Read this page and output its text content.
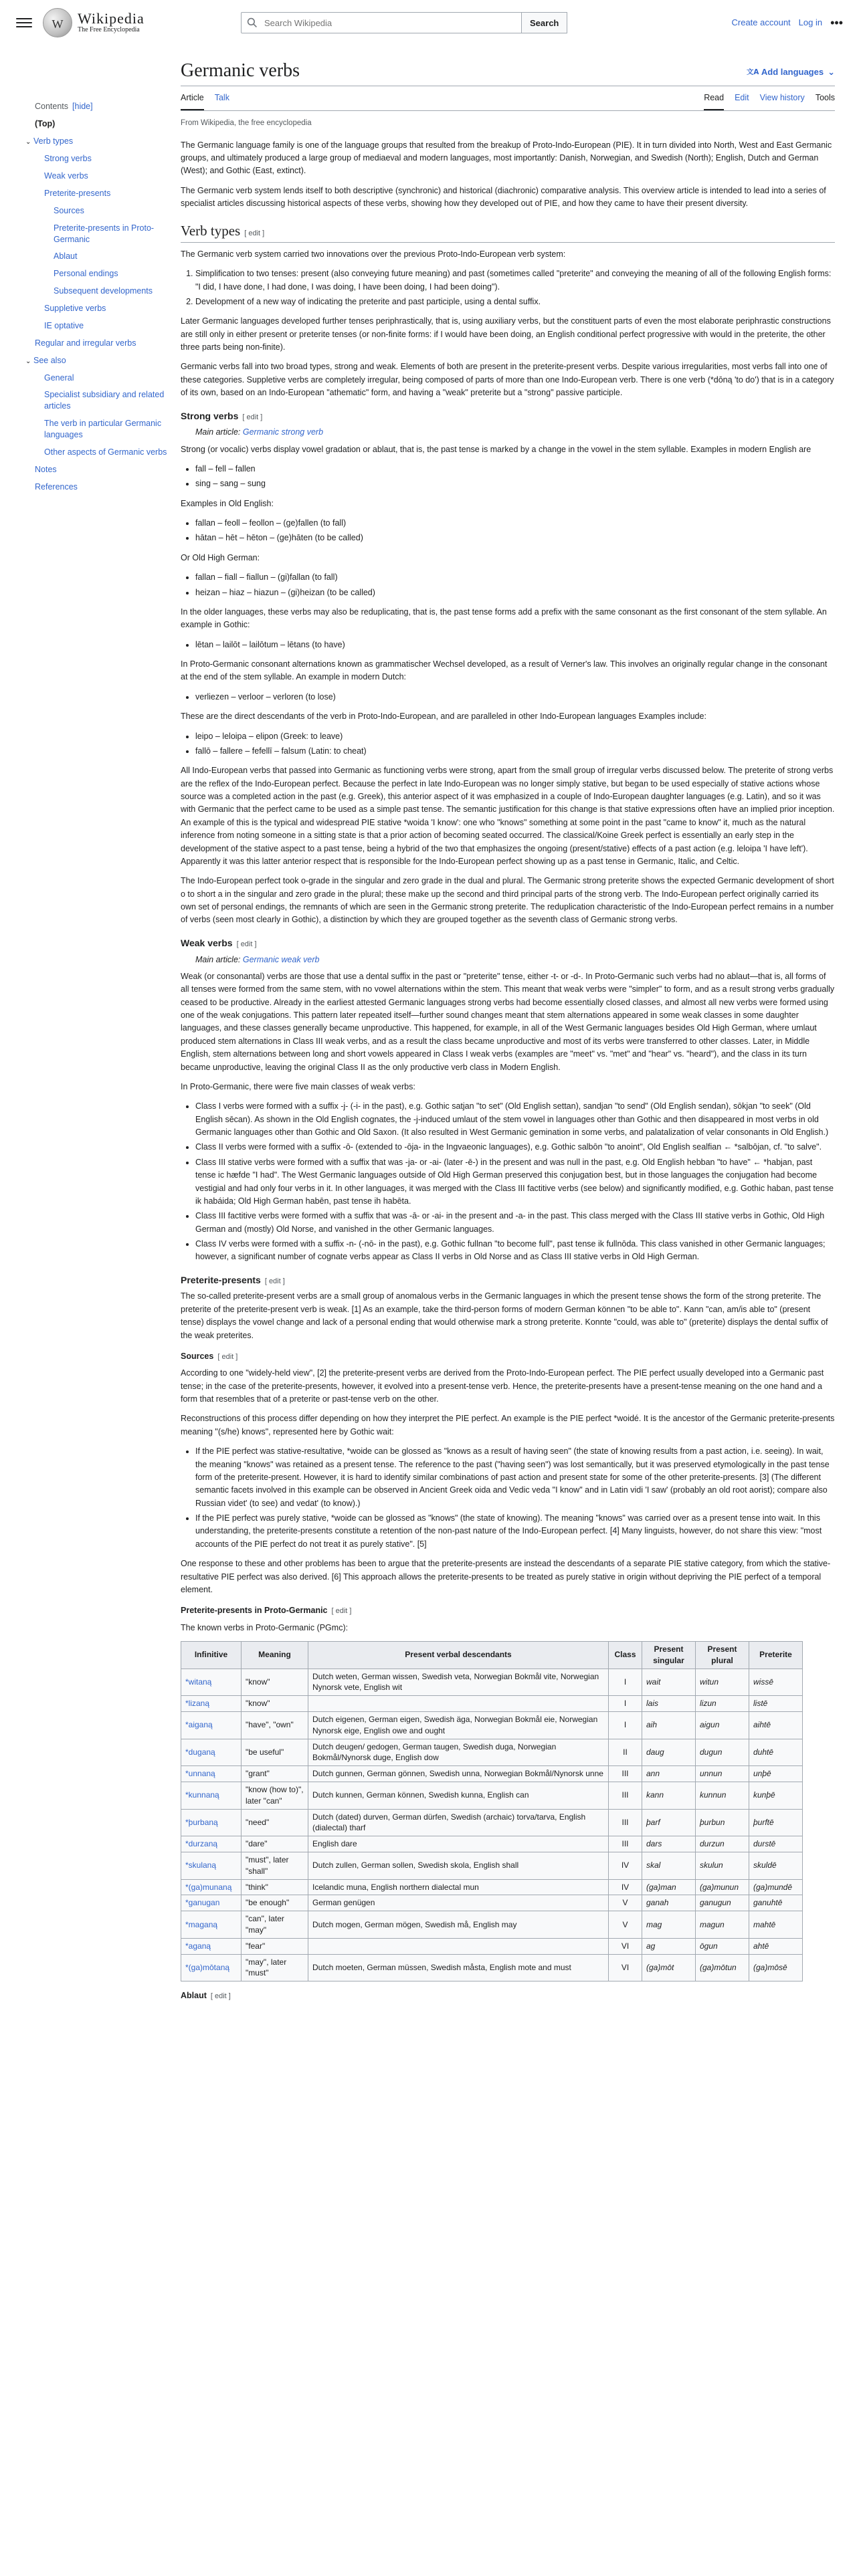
W
Wikipedia
The Free Encyclopedia
Search Wikipedia
Search	Create account Log in •••
Contents [hide]
(Top)
⌄ Verb types
Strong verbs
Weak verbs
Preterite-presents
Sources
Preterite-presents in Proto-Germanic
Ablaut
Personal endings
Subsequent developments
Suppletive verbs
IE optative
Regular and irregular verbs
⌄ See also
General
Specialist subsidiary and related articles
The verb in particular Germanic languages
Other aspects of Germanic verbs
Notes
References
Germanic verbs	文A Add languages ⌄
Article Talk	Read Edit View history Tools
From Wikipedia, the free encyclopedia

The Germanic language family is one of the language groups that resulted from the breakup of Proto-Indo-European (PIE). It in turn divided into North, West and East Germanic groups, and ultimately produced a large group of mediaeval and modern languages, most importantly: Danish, Norwegian, and Swedish (North); English, Dutch and German (West); and Gothic (East, extinct).

The Germanic verb system lends itself to both descriptive (synchronic) and historical (diachronic) comparative analysis. This overview article is intended to lead into a series of specialist articles discussing historical aspects of these verbs, showing how they developed out of PIE, and how they came to have their present diversity.

Verb types [ edit ]

The Germanic verb system carried two innovations over the previous Proto-Indo-European verb system:

1. Simplification to two tenses: present (also conveying future meaning) and past (sometimes called "preterite" and conveying the meaning of all of the following English forms: "I did, I have done, I had done, I was doing, I have been doing, I had been doing").
2. Development of a new way of indicating the preterite and past participle, using a dental suffix.

Later Germanic languages developed further tenses periphrastically, that is, using auxiliary verbs, but the constituent parts of even the most elaborate periphrastic constructions are still only in either present or preterite tenses (or non-finite forms: if I would have been doing, an English conditional perfect progressive with would in the preterite, the other three parts being non-finite).

Germanic verbs fall into two broad types, strong and weak. Elements of both are present in the preterite-present verbs. Despite various irregularities, most verbs fall into one of these categories. Suppletive verbs are completely irregular, being composed of parts of more than one Indo-European verb. There is one verb (*dōną 'to do') that is in a category of its own, based on an Indo-European "athematic" form, and having a "weak" preterite but a "strong" passive participle.

Strong verbs [ edit ]
Main article: Germanic strong verb

Strong (or vocalic) verbs display vowel gradation or ablaut, that is, the past tense is marked by a change in the vowel in the stem syllable. Examples in modern English are

• fall – fell – fallen
• sing – sang – sung

Examples in Old English:

• fallan – feoll – feollon – (ge)fallen (to fall)
• hātan – hēt – hēton – (ge)hāten (to be called)

Or Old High German:

• fallan – fiall – fiallun – (gi)fallan (to fall)
• heizan – hiaz – hiazun – (gi)heizan (to be called)

In the older languages, these verbs may also be reduplicating, that is, the past tense forms add a prefix with the same consonant as the first consonant of the stem syllable. An example in Gothic:

• lētan – lailōt – lailōtum – lētans (to have)

In Proto-Germanic consonant alternations known as grammatischer Wechsel developed, as a result of Verner's law. This involves an originally regular change in the consonant at the end of the stem syllable. An example in modern Dutch:

• verliezen – verloor – verloren (to lose)

These are the direct descendants of the verb in Proto-Indo-European, and are paralleled in other Indo-European languages Examples include:

• leipo – leloipa – elipon (Greek: to leave)
• fallō – fallere – fefellī – falsum (Latin: to cheat)

All Indo-European verbs that passed into Germanic as functioning verbs were strong, apart from the small group of irregular verbs discussed below. The preterite of strong verbs are the reflex of the Indo-European perfect. Because the perfect in late Indo-European was no longer simply stative, but began to be used especially of stative actions whose source was a completed action in the past (e.g. Greek), this anterior aspect of it was emphasized in a couple of Indo-European daughter languages (e.g. Latin), and so it was with Germanic that the perfect came to be used as a simple past tense. The semantic justification for this change is that stative expressions often have an implied prior inception. An example of this is the typical and widespread PIE stative *woida 'I know': one who "knows" something at some point in the past "came to know" it, much as the natural inference from noting someone in a sitting state is that a prior action of becoming seated occurred. The classical/Koine Greek perfect is essentially an early step in the development of the stative aspect to a past tense, being a hybrid of the two that emphasizes the ongoing (present/stative) effects of a past action (e.g. leloipa 'I have left'). Apparently it was this latter anterior respect that is responsible for the Indo-European perfect showing up as a past tense in Germanic, Italic, and Celtic.

The Indo-European perfect took o-grade in the singular and zero grade in the dual and plural. The Germanic strong preterite shows the expected Germanic development of short o to short a in the singular and zero grade in the plural; these make up the second and third principal parts of the strong verb. The Indo-European perfect originally carried its own set of personal endings, the remnants of which are seen in the Germanic strong preterite. The reduplication characteristic of the Indo-European perfect remains in a number of verbs (seen most clearly in Gothic), a distinction by which they are grouped together as the seventh class of Germanic strong verbs.

Weak verbs [ edit ]
Main article: Germanic weak verb

Weak (or consonantal) verbs are those that use a dental suffix in the past or "preterite" tense, either -t- or -d-. In Proto-Germanic such verbs had no ablaut—that is, all forms of all tenses were formed from the same stem, with no vowel alternations within the stem. This meant that weak verbs were "simpler" to form, and as a result strong verbs gradually ceased to be productive. Already in the earliest attested Germanic languages strong verbs had become essentially closed classes, and almost all new verbs were formed using one of the weak conjugations. This pattern later repeated itself—further sound changes meant that stem alternations appeared in some weak classes in some daughter languages, and these classes generally became unproductive. This happened, for example, in all of the West Germanic languages besides Old High German, where umlaut produced stem alternations in Class III weak verbs, and as a result the class became unproductive and most of its verbs were transferred to other classes. Later, in Middle English, stem alternations between long and short vowels appeared in Class I weak verbs (examples are "meet" vs. "met" and "hear" vs. "heard"), and the class in its turn became unproductive, leaving the original Class II as the only productive verb class in Modern English.

In Proto-Germanic, there were five main classes of weak verbs:

• Class I verbs were formed with a suffix -j- (-i- in the past), e.g. Gothic satjan "to set" (Old English settan), sandjan "to send" (Old English sendan), sōkjan "to seek" (Old English sēcan). As shown in the Old English cognates, the -j-induced umlaut of the stem vowel in languages other than Gothic and then disappeared in most verbs in old Germanic languages other than Gothic and Old Saxon. (It also resulted in West Germanic gemination in some verbs, and palatalization of velar consonants in Old English.)
• Class II verbs were formed with a suffix -ō- (extended to -ōja- in the Ingvaeonic languages), e.g. Gothic salbōn "to anoint", Old English sealfian ← *salbōjan, cf. "to salve".
• Class III stative verbs were formed with a suffix that was -ja- or -ai- (later -ē-) in the present and was null in the past, e.g. Old English hebban "to have" ← *habjan, past tense ic hæfde "I had". The West Germanic languages outside of Old High German preserved this conjugation best, but in those languages the conjugation had become vestigial and had only four verbs in it. In other languages, it was merged with the Class III factitive verbs (see below) and significantly modified, e.g. Gothic haban, past tense ik habáida; Old High German habēn, past tense ih habēta.
• Class III factitive verbs were formed with a suffix that was -ā- or -ai- in the present and -a- in the past. This class merged with the Class III stative verbs in Gothic, Old High German and (mostly) Old Norse, and vanished in the other Germanic languages.
• Class IV verbs were formed with a suffix -n- (-nō- in the past), e.g. Gothic fullnan "to become full", past tense ik fullnōda. This class vanished in other Germanic languages; however, a significant number of cognate verbs appear as Class II verbs in Old Norse and as Class III stative verbs in Old High German.
Preterite-presents [ edit ]

The so-called preterite-present verbs are a small group of anomalous verbs in the Germanic languages in which the present tense shows the form of the strong preterite. The preterite of the preterite-present verb is weak. [1] As an example, take the third-person forms of modern German können "to be able to". Kann "can, am/is able to" (present tense) displays the vowel change and lack of a personal ending that would otherwise mark a strong preterite. Konnte "could, was able to" (preterite) displays the dental suffix of the weak preterites.

Sources [ edit ]

According to one "widely-held view", [2] the preterite-present verbs are derived from the Proto-Indo-European perfect. The PIE perfect usually developed into a Germanic past tense; in the case of the preterite-presents, however, it evolved into a present-tense verb. Hence, the preterite-presents have a present-tense meaning on the one hand and a form that resembles that of a preterite or past-tense verb on the other.

Reconstructions of this process differ depending on how they interpret the PIE perfect. An example is the PIE perfect *woidé. It is the ancestor of the Germanic preterite-presents meaning "(s/he) knows", represented here by Gothic wait:

• If the PIE perfect was stative-resultative, *woide can be glossed as "knows as a result of having seen" (the state of knowing results from a past action, i.e. seeing). In wait, the meaning "knows" was retained as a present tense. The reference to the past ("having seen") was lost semantically, but it was preserved etymologically in the past tense form of the preterite-present. However, it is hard to identify similar combinations of past action and present state for some of the other preterite-presents. [3] (The different semantic facets involved in this example can be observed in Ancient Greek oida and Vedic veda "I know" and in Latin vidi 'I saw' (probably an old root aorist); compare also Russian videt' (to see) and vedat' (to know).)
• If the PIE perfect was purely stative, *woide can be glossed as "knows" (the state of knowing). The meaning "knows" was carried over as a present tense into wait. In this understanding, the preterite-presents constitute a retention of the non-past nature of the Indo-European perfect. [4] Many linguists, however, do not share this view: "most accounts of the PIE perfect do not treat it as purely stative". [5]

One response to these and other problems has been to argue that the preterite-presents are instead the descendants of a separate PIE stative category, from which the stative-resultative PIE perfect was also derived. [6] This approach allows the preterite-presents to be treated as purely stative in origin without depriving the PIE perfect of a temporal element.

Preterite-presents in Proto-Germanic [ edit ]

The known verbs in Proto-Germanic (PGmc):

Infinitive	Meaning	Present verbal descendants	Class	Present singular	Present plural	Preterite
*witaną	"know"	Dutch weten, German wissen, Swedish veta, Norwegian Bokmål vite, Norwegian Nynorsk vete, English wit	I	wait	witun	wissē
*lizaną	"know"		I	lais	lizun	listē
*aiganą	"have", "own"	Dutch eigenen, German eigen, Swedish äga, Norwegian Bokmål eie, Norwegian Nynorsk eige, English owe and ought	I	aih	aigun	aihtē
*duganą	"be useful"	Dutch deugen/ gedogen, German taugen, Swedish duga, Norwegian Bokmål/Nynorsk duge, English dow	II	daug	dugun	duhtē
*unnaną	"grant"	Dutch gunnen, German gönnen, Swedish unna, Norwegian Bokmål/Nynorsk unne	III	ann	unnun	unþē
*kunnaną	"know (how to)", later "can"	Dutch kunnen, German können, Swedish kunna, English can	III	kann	kunnun	kunþē
*þurbaną	"need"	Dutch (dated) durven, German dürfen, Swedish (archaic) torva/tarva, English (dialectal) tharf	III	þarf	þurbun	þurftē
*durzaną	"dare"	English dare	III	dars	durzun	durstē
*skulaną	"must", later "shall"	Dutch zullen, German sollen, Swedish skola, English shall	IV	skal	skulun	skuldē
*(ga)munaną	"think"	Icelandic muna, English northern dialectal mun	IV	(ga)man	(ga)munun	(ga)mundē
*ganugan	"be enough"	German genügen	V	ganah	ganugun	ganuhtē
*maganą	"can", later "may"	Dutch mogen, German mögen, Swedish må, English may	V	mag	magun	mahtē
*aganą	"fear"		VI	ag	ōgun	ahtē
*(ga)mōtaną	"may", later "must"	Dutch moeten, German müssen, Swedish måsta, English mote and must	VI	(ga)mōt	(ga)mōtun	(ga)mōsē
Ablaut [ edit ]
